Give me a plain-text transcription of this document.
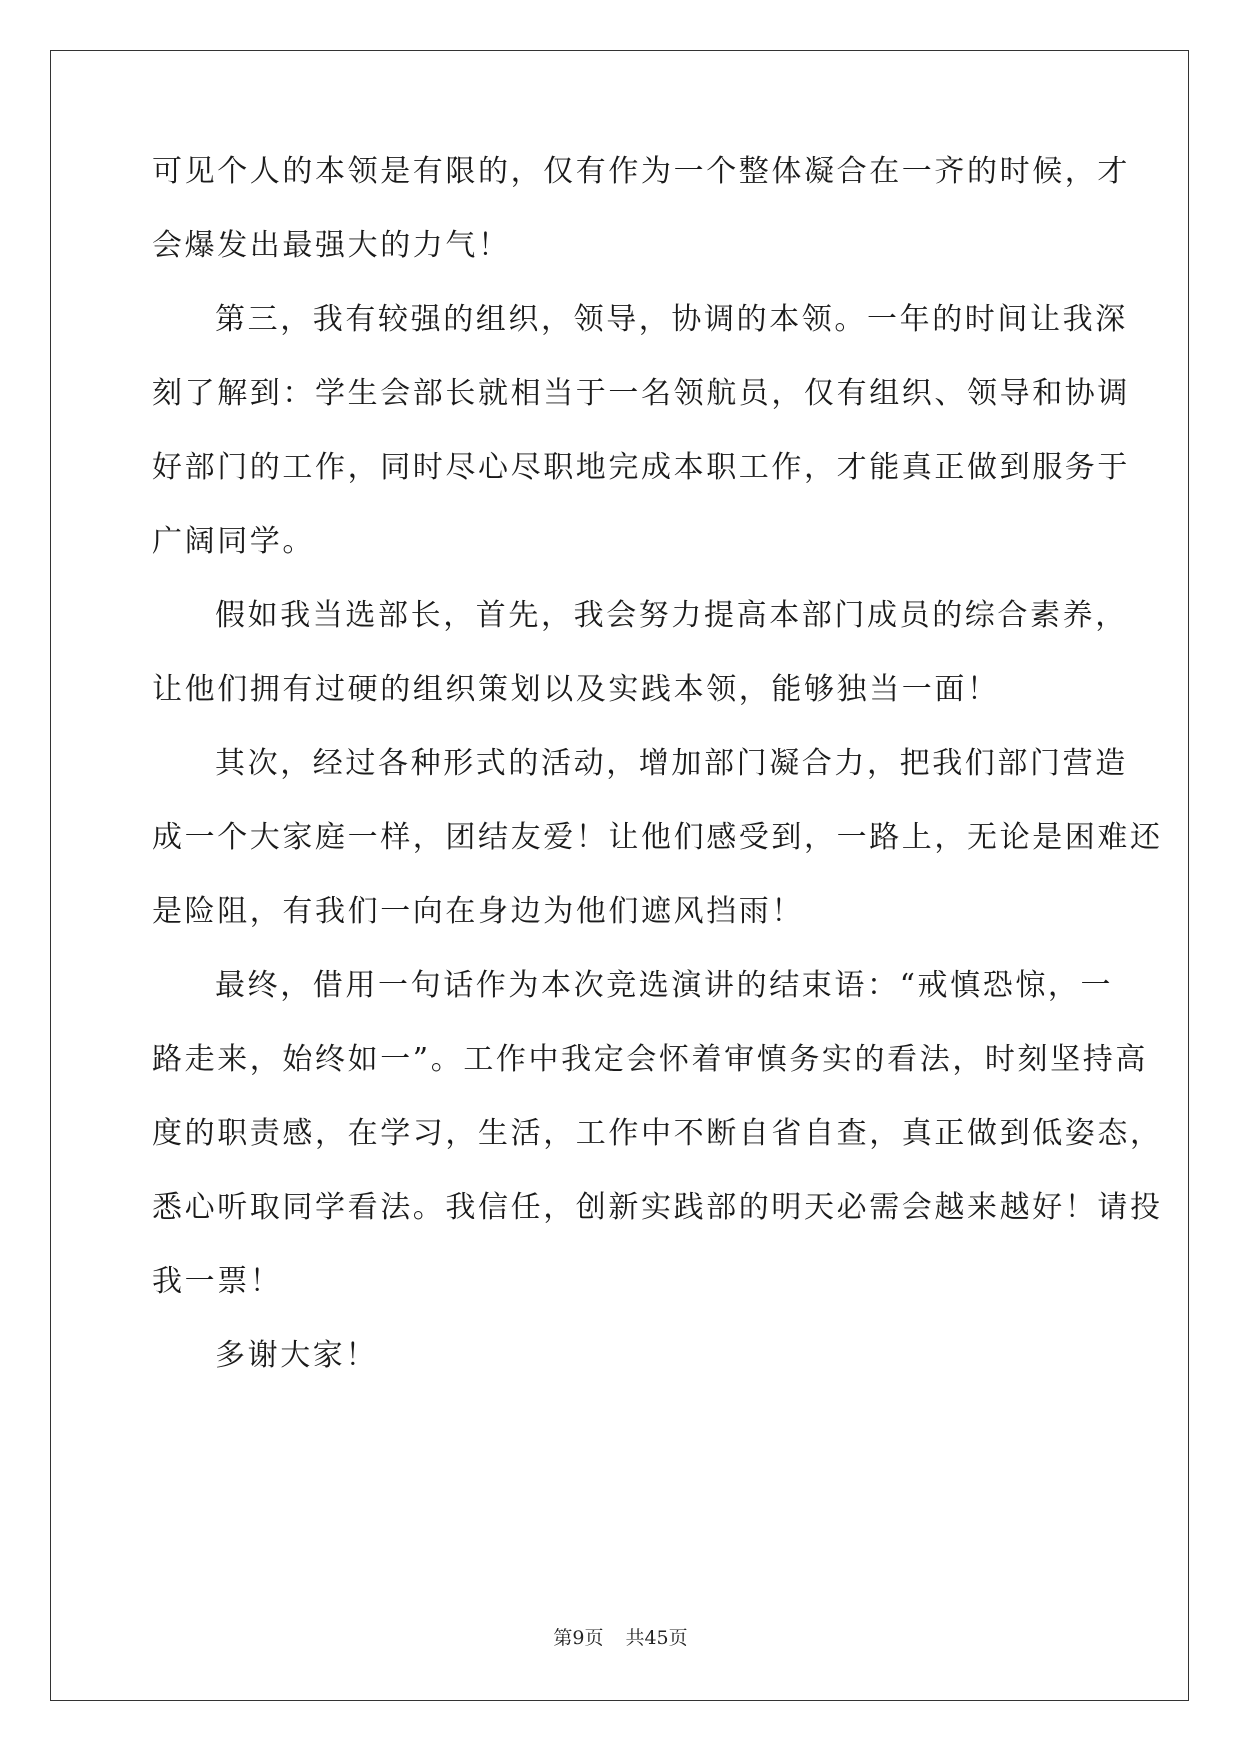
可见个人的本领是有限的，仅有作为一个整体凝合在一齐的时候，才
会爆发出最强大的力气！
第三，我有较强的组织，领导，协调的本领。一年的时间让我深
刻了解到：学生会部长就相当于一名领航员，仅有组织、领导和协调
好部门的工作，同时尽心尽职地完成本职工作，才能真正做到服务于
广阔同学。
假如我当选部长，首先，我会努力提高本部门成员的综合素养，
让他们拥有过硬的组织策划以及实践本领，能够独当一面！
其次，经过各种形式的活动，增加部门凝合力，把我们部门营造
成一个大家庭一样，团结友爱！让他们感受到，一路上，无论是困难还
是险阻，有我们一向在身边为他们遮风挡雨！
最终，借用一句话作为本次竞选演讲的结束语：“戒慎恐惊，一
路走来，始终如一”。工作中我定会怀着审慎务实的看法，时刻坚持高
度的职责感，在学习，生活，工作中不断自省自查，真正做到低姿态，
悉心听取同学看法。我信任，创新实践部的明天必需会越来越好！请投
我一票！
多谢大家！
第9页 共45页
